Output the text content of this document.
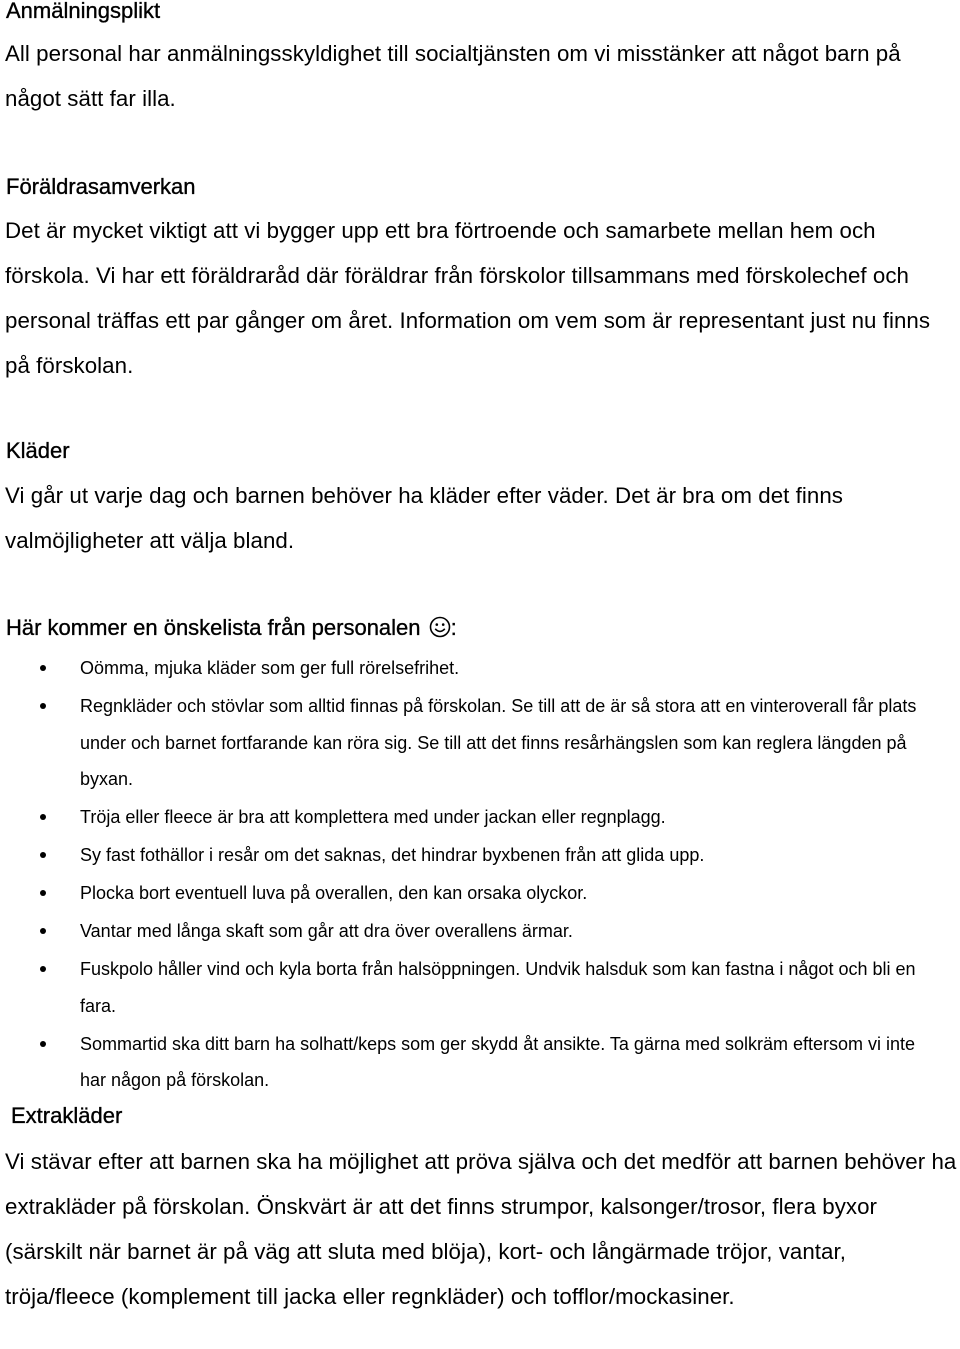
Anmälningsplikt

All personal har anmälningsskyldighet till socialtjänsten om vi misstänker att något barn på något sätt far illa.

Föräldrasamverkan

Det är mycket viktigt att vi bygger upp ett bra förtroende och samarbete mellan hem och förskola. Vi har ett föräldraråd där föräldrar från förskolor tillsammans med förskolechef och personal träffas ett par gånger om året. Information om vem som är representant just nu finns på förskolan.

Kläder

Vi går ut varje dag och barnen behöver ha kläder efter väder. Det är bra om det finns valmöjligheter att välja bland.

Här kommer en önskelista från personalen :
Oömma, mjuka kläder som ger full rörelsefrihet.
Regnkläder och stövlar som alltid finnas på förskolan. Se till att de är så stora att en vinteroverall får plats under och barnet fortfarande kan röra sig. Se till att det finns resårhängslen som kan reglera längden på byxan.
Tröja eller fleece är bra att komplettera med under jackan eller regnplagg.
Sy fast fothällor i resår om det saknas, det hindrar byxbenen från att glida upp.
Plocka bort eventuell luva på overallen, den kan orsaka olyckor.
Vantar med långa skaft som går att dra över overallens ärmar.
Fuskpolo håller vind och kyla borta från halsöppningen. Undvik halsduk som kan fastna i något och bli en fara.
Sommartid ska ditt barn ha solhatt/keps som ger skydd åt ansikte. Ta gärna med solkräm eftersom vi inte har någon på förskolan.
Extrakläder

Vi stävar efter att barnen ska ha möjlighet att pröva själva och det medför att barnen behöver ha extrakläder på förskolan. Önskvärt är att det finns strumpor, kalsonger/trosor, flera byxor (särskilt när barnet är på väg att sluta med blöja), kort- och långärmade tröjor, vantar, tröja/fleece (komplement till jacka eller regnkläder) och tofflor/mockasiner.
